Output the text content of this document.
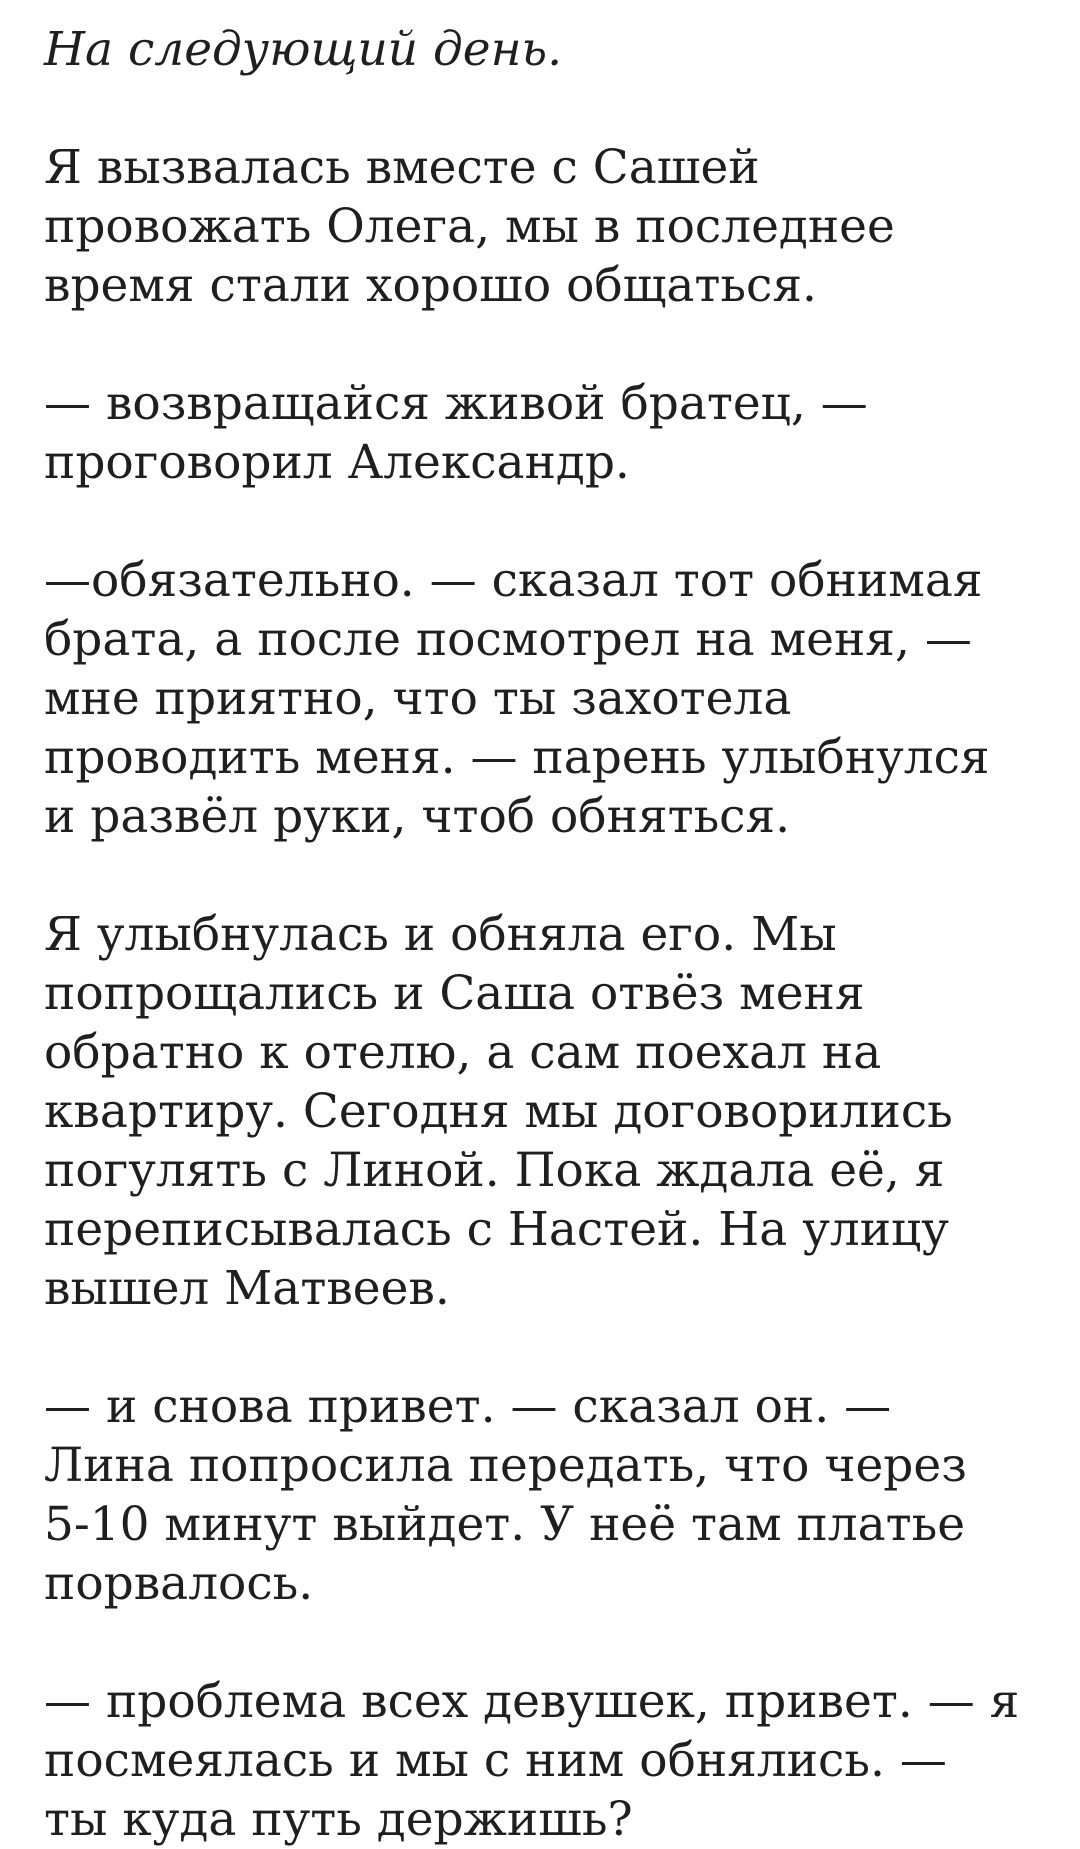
На следующий день.

Я вызвалась вместе с Сашей
провожать Олега, мы в последнее
время стали хорошо общаться.

— возвращайся живой братец, —
проговорил Александр.

—обязательно. — сказал тот обнимая
брата, а после посмотрел на меня, —
мне приятно, что ты захотела
проводить меня. — парень улыбнулся
и развёл руки, чтоб обняться.

Я улыбнулась и обняла его. Мы
попрощались и Саша отвёз меня
обратно к отелю, а сам поехал на
квартиру. Сегодня мы договорились
погулять с Линой. Пока ждала её, я
переписывалась с Настей. На улицу
вышел Матвеев.

— и снова привет. — сказал он. —
Лина попросила передать, что через
5-10 минут выйдет. У неё там платье
порвалось.

— проблема всех девушек, привет. — я
посмеялась и мы с ним обнялись. —
ты куда путь держишь?
